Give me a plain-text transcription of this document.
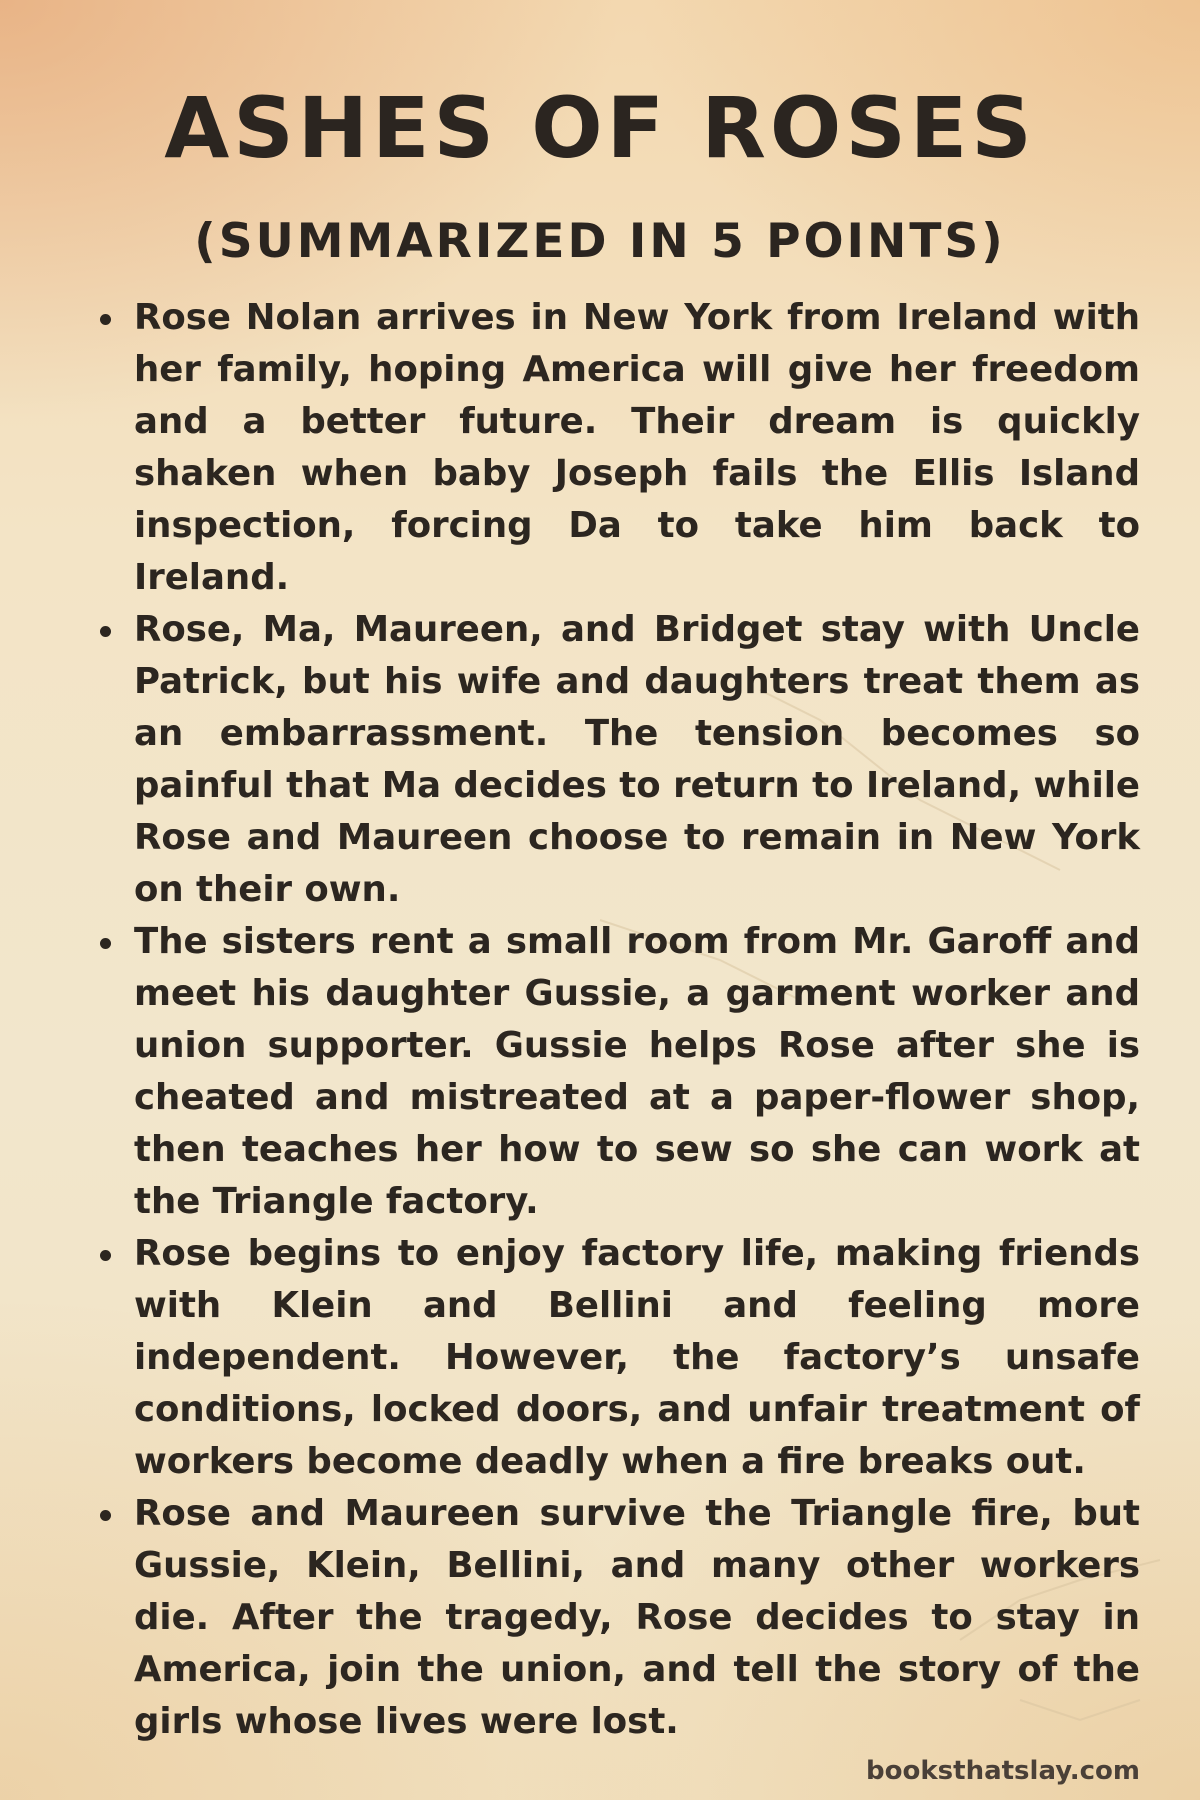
ASHES OF ROSES
(SUMMARIZED IN 5 POINTS)
Rose Nolan arrives in New York from Ireland with her family, hoping America will give her freedom and a better future. Their dream is quickly shaken when baby Joseph fails the Ellis Island inspection, forcing Da to take him back to Ireland.
Rose, Ma, Maureen, and Bridget stay with Uncle Patrick, but his wife and daughters treat them as an embarrassment. The tension becomes so painful that Ma decides to return to Ireland, while Rose and Maureen choose to remain in New York on their own.
The sisters rent a small room from Mr. Garoff and meet his daughter Gussie, a garment worker and union supporter. Gussie helps Rose after she is cheated and mistreated at a paper-flower shop, then teaches her how to sew so she can work at the Triangle factory.
Rose begins to enjoy factory life, making friends with Klein and Bellini and feeling more independent. However, the factory’s unsafe conditions, locked doors, and unfair treatment of workers become deadly when a fire breaks out.
Rose and Maureen survive the Triangle fire, but Gussie, Klein, Bellini, and many other workers die. After the tragedy, Rose decides to stay in America, join the union, and tell the story of the girls whose lives were lost.
booksthatslay.com
